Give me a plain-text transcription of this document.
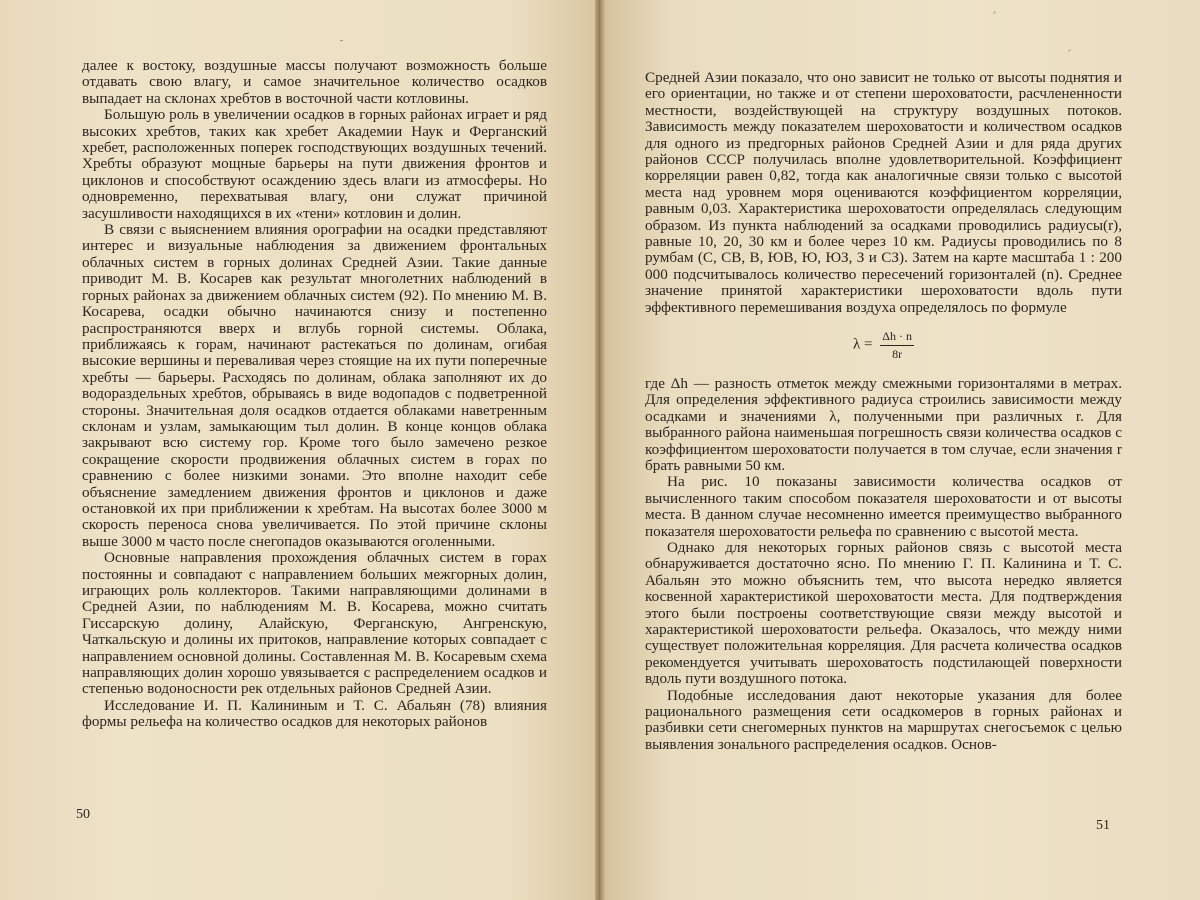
далее к востоку, воздушные массы получают возможность больше отдавать свою влагу, и самое значительное количество осадков выпадает на склонах хребтов в восточной части котловины.

Большую роль в увеличении осадков в горных районах играет и ряд высоких хребтов, таких как хребет Академии Наук и Ферганский хребет, расположенных поперек господствующих воздушных течений. Хребты образуют мощные барьеры на пути движения фронтов и циклонов и способствуют осаждению здесь влаги из атмосферы. Но одновременно, перехватывая влагу, они служат причиной засушливости находящихся в их «тени» котловин и долин.

В связи с выяснением влияния орографии на осадки представляют интерес и визуальные наблюдения за движением фронтальных облачных систем в горных долинах Средней Азии. Такие данные приводит М. В. Косарев как результат многолетних наблюдений в горных районах за движением облачных систем (92). По мнению М. В. Косарева, осадки обычно начинаются снизу и постепенно распространяются вверх и вглубь горной системы. Облака, приближаясь к горам, начинают растекаться по долинам, огибая высокие вершины и переваливая через стоящие на их пути поперечные хребты — барьеры. Расходясь по долинам, облака заполняют их до водораздельных хребтов, обрываясь в виде водопадов с подветренной стороны. Значительная доля осадков отдается облаками наветренным склонам и узлам, замыкающим тыл долин. В конце концов облака закрывают всю систему гор. Кроме того было замечено резкое сокращение скорости продвижения облачных систем в горах по сравнению с более низкими зонами. Это вполне находит себе объяснение замедлением движения фронтов и циклонов и даже остановкой их при приближении к хребтам. На высотах более 3000 м скорость переноса снова увеличивается. По этой причине склоны выше 3000 м часто после снегопадов оказываются оголенными.

Основные направления прохождения облачных систем в горах постоянны и совпадают с направлением больших межгорных долин, играющих роль коллекторов. Такими направляющими долинами в Средней Азии, по наблюдениям М. В. Косарева, можно считать Гиссарскую долину, Алайскую, Ферганскую, Ангренскую, Чаткальскую и долины их притоков, направление которых совпадает с направлением основной долины. Составленная М. В. Косаревым схема направляющих долин хорошо увязывается с распределением осадков и степенью водоносности рек отдельных районов Средней Азии.

Исследование И. П. Калининым и Т. С. Абальян (78) влияния формы рельефа на количество осадков для некоторых районов

50

Средней Азии показало, что оно зависит не только от высоты поднятия и его ориентации, но также и от степени шероховатости, расчлененности местности, воздействующей на структуру воздушных потоков. Зависимость между показателем шероховатости и количеством осадков для одного из предгорных районов Средней Азии и для ряда других районов СССР получилась вполне удовлетворительной. Коэффициент корреляции равен 0,82, тогда как аналогичные связи только с высотой места над уровнем моря оцениваются коэффициентом корреляции, равным 0,03. Характеристика шероховатости определялась следующим образом. Из пункта наблюдений за осадками проводились радиусы(r), равные 10, 20, 30 км и более через 10 км. Радиусы проводились по 8 румбам (С, СВ, В, ЮВ, Ю, ЮЗ, З и СЗ). Затем на карте масштаба 1 : 200 000 подсчитывалось количество пересечений горизонталей (n). Среднее значение принятой характеристики шероховатости вдоль пути эффективного перемешивания воздуха определялось по формуле

$\lambda = \frac{\Delta h \cdot n}{8r}$

где Δh — разность отметок между смежными горизонталями в метрах. Для определения эффективного радиуса строились зависимости между осадками и значениями λ, полученными при различных r. Для выбранного района наименьшая погрешность связи количества осадков с коэффициентом шероховатости получается в том случае, если значения r брать равными 50 км.

На рис. 10 показаны зависимости количества осадков от вычисленного таким способом показателя шероховатости и от высоты места. В данном случае несомненно имеется преимущество выбранного показателя шероховатости рельефа по сравнению с высотой места.

Однако для некоторых горных районов связь с высотой места обнаруживается достаточно ясно. По мнению Г. П. Калинина и Т. С. Абальян это можно объяснить тем, что высота нередко является косвенной характеристикой шероховатости места. Для подтверждения этого были построены соответствующие связи между высотой и характеристикой шероховатости рельефа. Оказалось, что между ними существует положительная корреляция. Для расчета количества осадков рекомендуется учитывать шероховатость подстилающей поверхности вдоль пути воздушного потока.

Подобные исследования дают некоторые указания для более рационального размещения сети осадкомеров в горных районах и разбивки сети снегомерных пунктов на маршрутах снегосъемок с целью выявления зонального распределения осадков. Основ-

51
